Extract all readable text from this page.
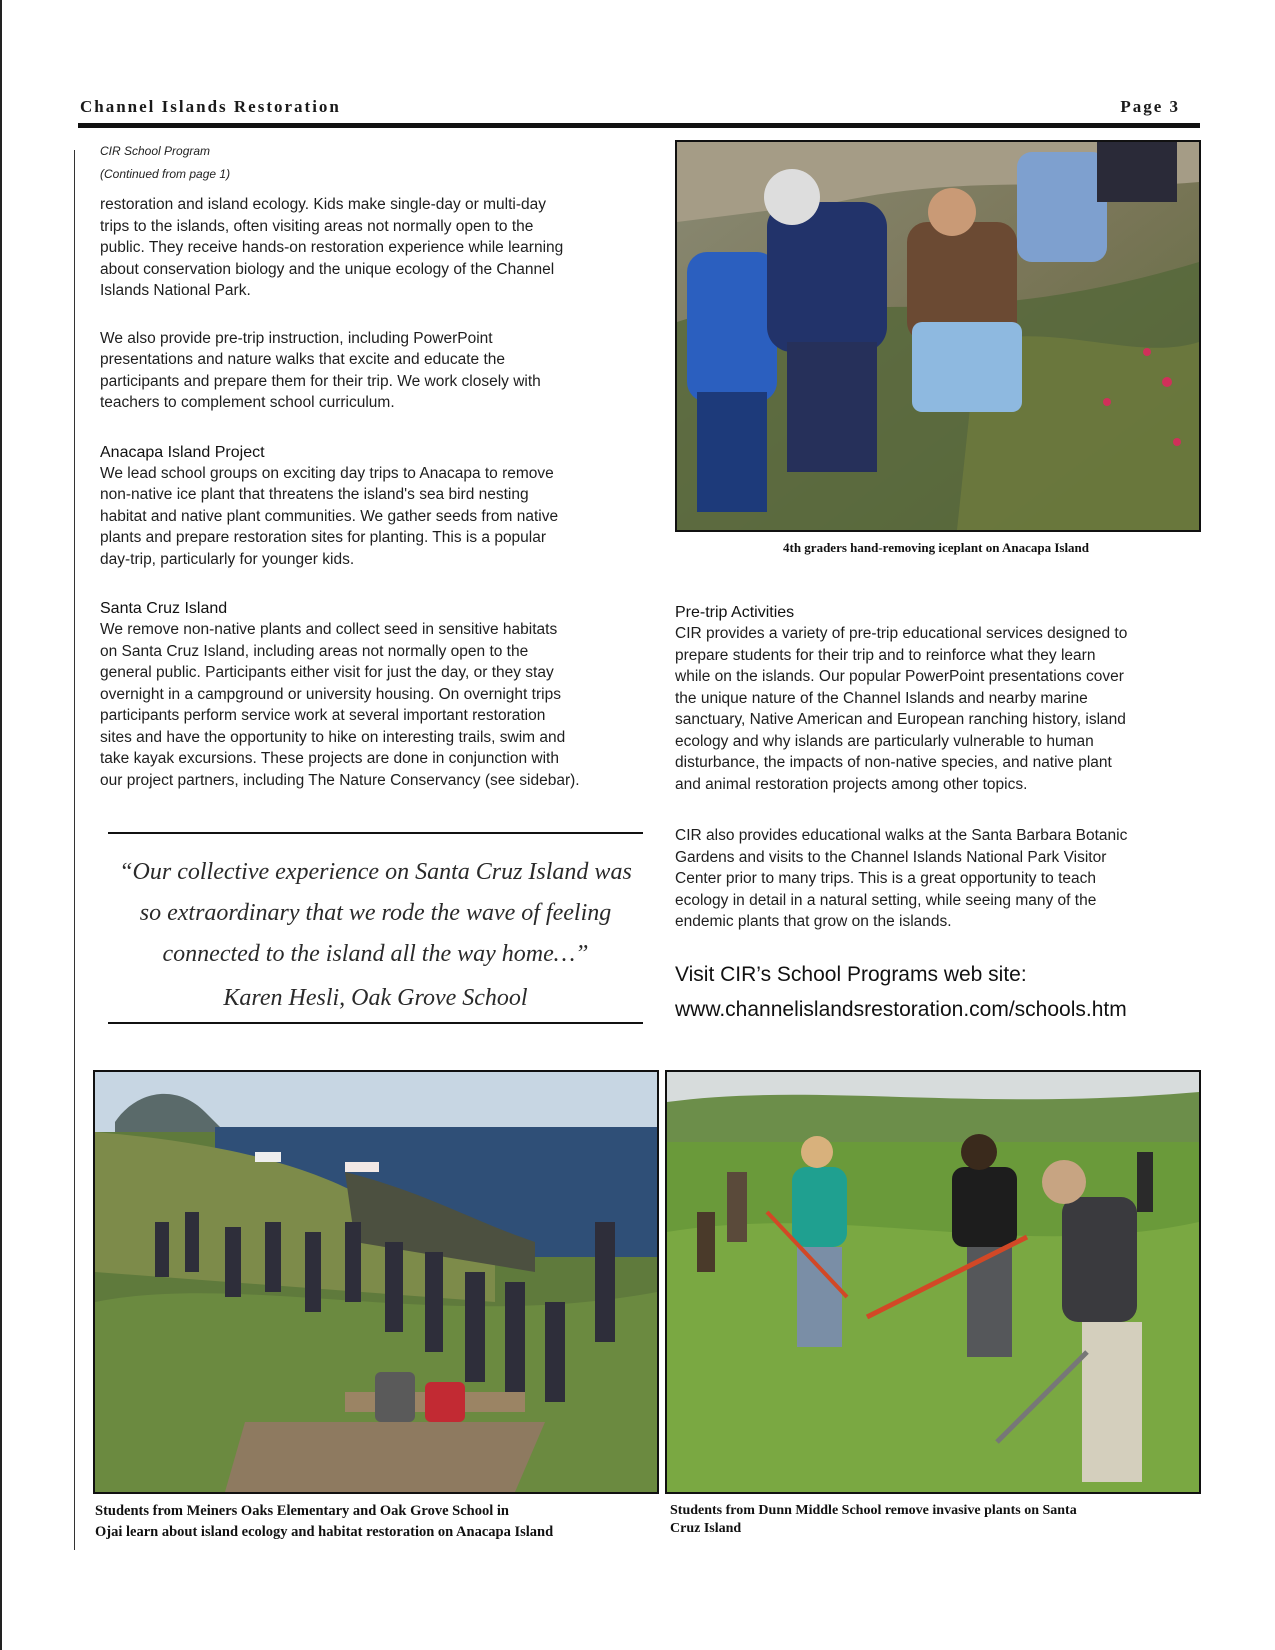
Channel Islands Restoration	Page 3
CIR School Program
(Continued from page 1)
restoration and island ecology. Kids make single-day or multi-day
trips to the islands, often visiting areas not normally open to the
public. They receive hands-on restoration experience while learning
about conservation biology and the unique ecology of the Channel
Islands National Park.
We also provide pre-trip instruction, including PowerPoint
presentations and nature walks that excite and educate the
participants and prepare them for their trip. We work closely with
teachers to complement school curriculum.
Anacapa Island Project
We lead school groups on exciting day trips to Anacapa to remove
non-native ice plant that threatens the island's sea bird nesting
habitat and native plant communities. We gather seeds from native
plants and prepare restoration sites for planting. This is a popular
day-trip, particularly for younger kids.
Santa Cruz Island
We remove non-native plants and collect seed in sensitive habitats
on Santa Cruz Island, including areas not normally open to the
general public. Participants either visit for just the day, or they stay
overnight in a campground or university housing. On overnight trips
participants perform service work at several important restoration
sites and have the opportunity to hike on interesting trails, swim and
take kayak excursions. These projects are done in conjunction with
our project partners, including The Nature Conservancy (see sidebar).
“Our collective experience on Santa Cruz Island was
so extraordinary that we rode the wave of feeling
connected to the island all the way home…”
Karen Hesli, Oak Grove School
4th graders hand-removing iceplant on Anacapa Island
Pre-trip Activities
CIR provides a variety of pre-trip educational services designed to
prepare students for their trip and to reinforce what they learn
while on the islands. Our popular PowerPoint presentations cover
the unique nature of the Channel Islands and nearby marine
sanctuary, Native American and European ranching history, island
ecology and why islands are particularly vulnerable to human
disturbance, the impacts of non-native species, and native plant
and animal restoration projects among other topics.
CIR also provides educational walks at the Santa Barbara Botanic
Gardens and visits to the Channel Islands National Park Visitor
Center prior to many trips. This is a great opportunity to teach
ecology in detail in a natural setting, while seeing many of the
endemic plants that grow on the islands.
Visit CIR’s School Programs web site:
www.channelislandsrestoration.com/schools.htm
Students from Meiners Oaks Elementary and Oak Grove School in
Ojai learn about island ecology and habitat restoration on Anacapa Island
Students from Dunn Middle School remove invasive plants on Santa
Cruz Island
